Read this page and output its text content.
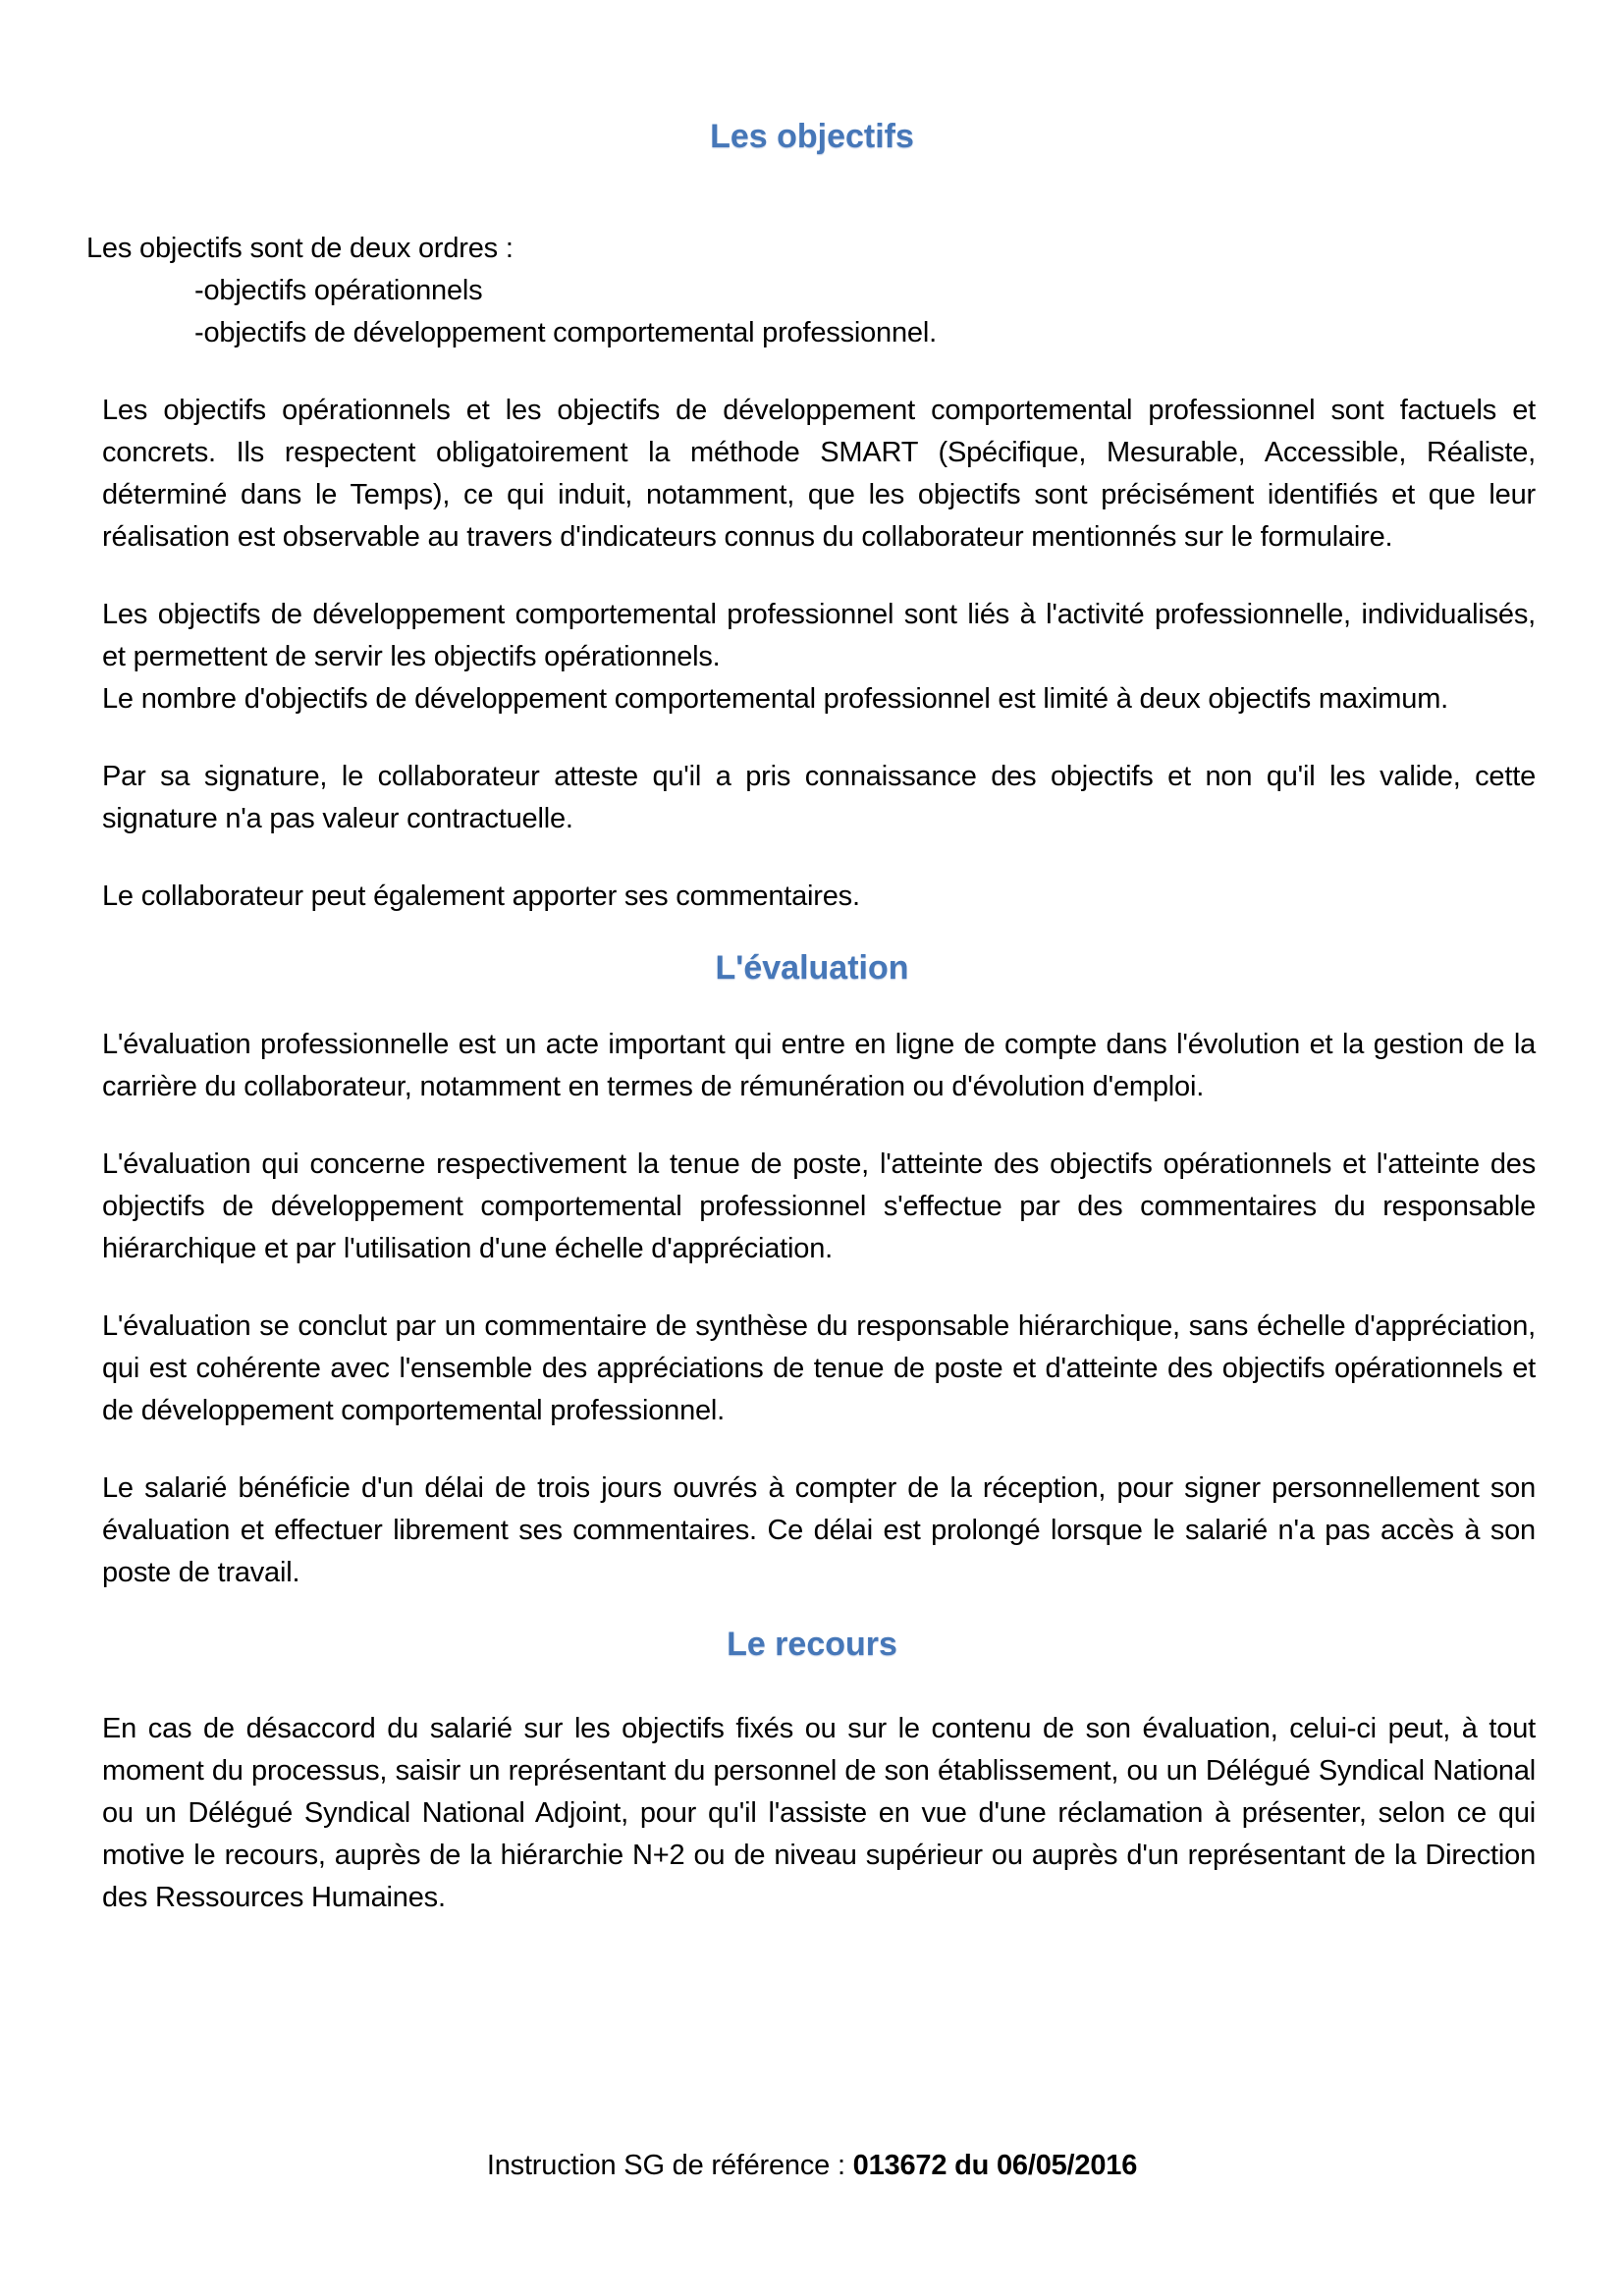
Les objectifs

Les objectifs sont de deux ordres :

-objectifs opérationnels

-objectifs de développement comportemental professionnel.

Les objectifs opérationnels et les objectifs de développement comportemental professionnel sont factuels et concrets. Ils respectent obligatoirement la méthode SMART (Spécifique, Mesurable, Accessible, Réaliste, déterminé dans le Temps), ce qui induit, notamment, que les objectifs sont précisément identifiés et que leur réalisation est observable au travers d'indicateurs connus du collaborateur mentionnés sur le formulaire.

Les objectifs de développement comportemental professionnel sont liés à l'activité professionnelle, individualisés, et permettent de servir les objectifs opérationnels.

Le nombre d'objectifs de développement comportemental professionnel est limité à deux objectifs maximum.

Par sa signature, le collaborateur atteste qu'il a pris connaissance des objectifs et non qu'il les valide, cette signature n'a pas valeur contractuelle.

Le collaborateur peut également apporter ses commentaires.

L'évaluation

L'évaluation professionnelle est un acte important qui entre en ligne de compte dans l'évolution et la gestion de la carrière du collaborateur, notamment en termes de rémunération ou d'évolution d'emploi.

L'évaluation qui concerne respectivement la tenue de poste, l'atteinte des objectifs opérationnels et l'atteinte des objectifs de développement comportemental professionnel s'effectue par des commentaires du responsable hiérarchique et par l'utilisation d'une échelle d'appréciation.

L'évaluation se conclut par un commentaire de synthèse du responsable hiérarchique, sans échelle d'appréciation, qui est cohérente avec l'ensemble des appréciations de tenue de poste et d'atteinte des objectifs opérationnels et de développement comportemental professionnel.

Le salarié bénéficie d'un délai de trois jours ouvrés à compter de la réception, pour signer personnellement son évaluation et effectuer librement ses commentaires. Ce délai est prolongé lorsque le salarié n'a pas accès à son poste de travail.

Le recours

En cas de désaccord du salarié sur les objectifs fixés ou sur le contenu de son évaluation, celui-ci peut, à tout moment du processus, saisir un représentant du personnel de son établissement, ou un Délégué Syndical National ou un Délégué Syndical National Adjoint, pour qu'il l'assiste en vue d'une réclamation à présenter, selon ce qui motive le recours, auprès de la hiérarchie N+2 ou de niveau supérieur ou auprès d'un représentant de la Direction des Ressources Humaines.

Instruction SG de référence : 013672 du 06/05/2016
